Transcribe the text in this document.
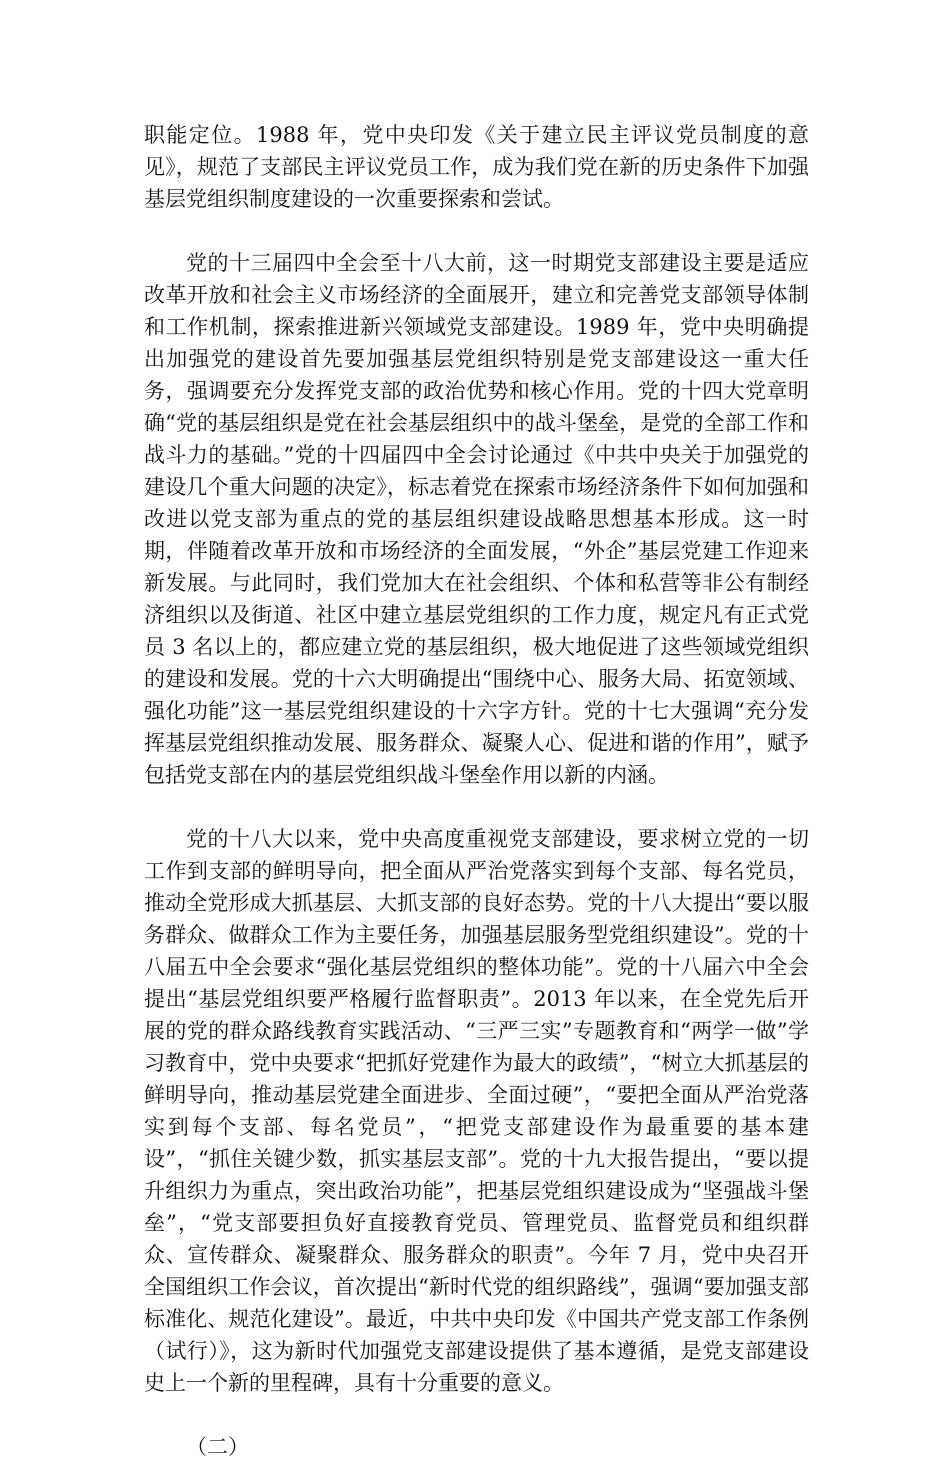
职能定位。1988 年，党中央印发《关于建立民主评议党员制度的意见》，规范了支部民主评议党员工作，成为我们党在新的历史条件下加强基层党组织制度建设的一次重要探索和尝试。

党的十三届四中全会至十八大前，这一时期党支部建设主要是适应改革开放和社会主义市场经济的全面展开，建立和完善党支部领导体制和工作机制，探索推进新兴领域党支部建设。1989 年，党中央明确提出加强党的建设首先要加强基层党组织特别是党支部建设这一重大任务，强调要充分发挥党支部的政治优势和核心作用。党的十四大党章明确“党的基层组织是党在社会基层组织中的战斗堡垒，是党的全部工作和战斗力的基础。”党的十四届四中全会讨论通过《中共中央关于加强党的建设几个重大问题的决定》，标志着党在探索市场经济条件下如何加强和改进以党支部为重点的党的基层组织建设战略思想基本形成。这一时期，伴随着改革开放和市场经济的全面发展，“外企”基层党建工作迎来新发展。与此同时，我们党加大在社会组织、个体和私营等非公有制经济组织以及街道、社区中建立基层党组织的工作力度，规定凡有正式党员 3 名以上的，都应建立党的基层组织，极大地促进了这些领域党组织的建设和发展。党的十六大明确提出“围绕中心、服务大局、拓宽领域、强化功能”这一基层党组织建设的十六字方针。党的十七大强调“充分发挥基层党组织推动发展、服务群众、凝聚人心、促进和谐的作用”，赋予包括党支部在内的基层党组织战斗堡垒作用以新的内涵。

党的十八大以来，党中央高度重视党支部建设，要求树立党的一切工作到支部的鲜明导向，把全面从严治党落实到每个支部、每名党员，推动全党形成大抓基层、大抓支部的良好态势。党的十八大提出“要以服务群众、做群众工作为主要任务，加强基层服务型党组织建设”。党的十八届五中全会要求“强化基层党组织的整体功能”。党的十八届六中全会提出“基层党组织要严格履行监督职责”。2013 年以来，在全党先后开展的党的群众路线教育实践活动、“三严三实”专题教育和“两学一做”学习教育中，党中央要求“把抓好党建作为最大的政绩”，“树立大抓基层的鲜明导向，推动基层党建全面进步、全面过硬”，“要把全面从严治党落实到每个支部、每名党员”，“把党支部建设作为最重要的基本建设”，“抓住关键少数，抓实基层支部”。党的十九大报告提出，“要以提升组织力为重点，突出政治功能”，把基层党组织建设成为“坚强战斗堡垒”，“党支部要担负好直接教育党员、管理党员、监督党员和组织群众、宣传群众、凝聚群众、服务群众的职责”。今年 7 月，党中央召开全国组织工作会议，首次提出“新时代党的组织路线”，强调“要加强支部标准化、规范化建设”。最近，中共中央印发《中国共产党支部工作条例（试行）》，这为新时代加强党支部建设提供了基本遵循，是党支部建设史上一个新的里程碑，具有十分重要的意义。

（二）
